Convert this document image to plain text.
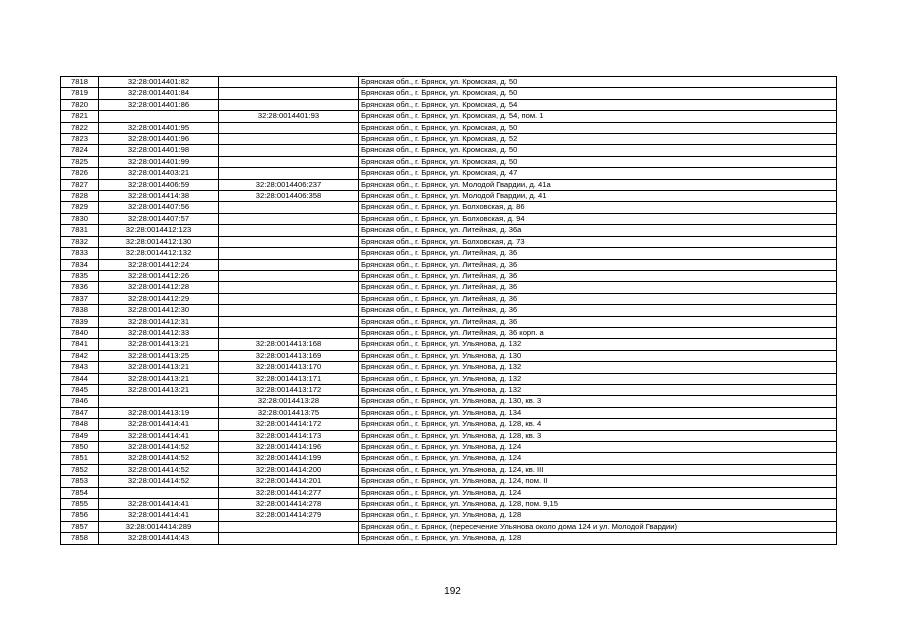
7818	32:28:0014401:82		Брянская обл., г. Брянск, ул. Кромская, д. 50
7819	32:28:0014401:84		Брянская обл., г. Брянск, ул. Кромская, д. 50
7820	32:28:0014401:86		Брянская обл., г. Брянск, ул. Кромская, д. 54
7821		32:28:0014401:93	Брянская обл., г. Брянск, ул. Кромская, д. 54, пом. 1
7822	32:28:0014401:95		Брянская обл., г. Брянск, ул. Кромская, д. 50
7823	32:28:0014401:96		Брянская обл., г. Брянск, ул. Кромская, д. 52
7824	32:28:0014401:98		Брянская обл., г. Брянск, ул. Кромская, д. 50
7825	32:28:0014401:99		Брянская обл., г. Брянск, ул. Кромская, д. 50
7826	32:28:0014403:21		Брянская обл., г. Брянск, ул. Кромская, д. 47
7827	32:28:0014406:59	32:28:0014406:237	Брянская обл., г. Брянск, ул. Молодой Гвардии, д. 41а
7828	32:28:0014414:38	32:28:0014406:358	Брянская обл., г. Брянск, ул. Молодой Гвардии, д. 41
7829	32:28:0014407:56		Брянская обл., г. Брянск, ул. Болховская, д. 86
7830	32:28:0014407:57		Брянская обл., г. Брянск, ул. Болховская, д. 94
7831	32:28:0014412:123		Брянская обл., г. Брянск, ул. Литейная, д. 36а
7832	32:28:0014412:130		Брянская обл., г. Брянск, ул. Болховская, д. 73
7833	32:28:0014412:132		Брянская обл., г. Брянск, ул. Литейная, д. 36
7834	32:28:0014412:24		Брянская обл., г. Брянск, ул. Литейная, д. 36
7835	32:28:0014412:26		Брянская обл., г. Брянск, ул. Литейная, д. 36
7836	32:28:0014412:28		Брянская обл., г. Брянск, ул. Литейная, д. 36
7837	32:28:0014412:29		Брянская обл., г. Брянск, ул. Литейная, д. 36
7838	32:28:0014412:30		Брянская обл., г. Брянск, ул. Литейная, д. 36
7839	32:28:0014412:31		Брянская обл., г. Брянск, ул. Литейная, д. 36
7840	32:28:0014412:33		Брянская обл., г. Брянск, ул. Литейная, д. 36 корп. а
7841	32:28:0014413:21	32:28:0014413:168	Брянская обл., г. Брянск, ул. Ульянова, д. 132
7842	32:28:0014413:25	32:28:0014413:169	Брянская обл., г. Брянск, ул. Ульянова, д. 130
7843	32:28:0014413:21	32:28:0014413:170	Брянская обл., г. Брянск, ул. Ульянова, д. 132
7844	32:28:0014413:21	32:28:0014413:171	Брянская обл., г. Брянск, ул. Ульянова, д. 132
7845	32:28:0014413:21	32:28:0014413:172	Брянская обл., г. Брянск, ул. Ульянова, д. 132
7846		32:28:0014413:28	Брянская обл., г. Брянск, ул. Ульянова, д. 130, кв. 3
7847	32:28:0014413:19	32:28:0014413:75	Брянская обл., г. Брянск, ул. Ульянова, д. 134
7848	32:28:0014414:41	32:28:0014414:172	Брянская обл., г. Брянск, ул. Ульянова, д. 128, кв. 4
7849	32:28:0014414:41	32:28:0014414:173	Брянская обл., г. Брянск, ул. Ульянова, д. 128, кв. 3
7850	32:28:0014414:52	32:28:0014414:196	Брянская обл., г. Брянск, ул. Ульянова, д. 124
7851	32:28:0014414:52	32:28:0014414:199	Брянская обл., г. Брянск, ул. Ульянова, д. 124
7852	32:28:0014414:52	32:28:0014414:200	Брянская обл., г. Брянск, ул. Ульянова, д. 124, кв. III
7853	32:28:0014414:52	32:28:0014414:201	Брянская обл., г. Брянск, ул. Ульянова, д. 124, пом. II
7854		32:28:0014414:277	Брянская обл., г. Брянск, ул. Ульянова, д. 124
7855	32:28:0014414:41	32:28:0014414:278	Брянская обл., г. Брянск, ул. Ульянова, д. 128, пом. 9,15
7856	32:28:0014414:41	32:28:0014414:279	Брянская обл., г. Брянск, ул. Ульянова, д. 128
7857	32:28:0014414:289		Брянская обл., г. Брянск, (пересечение Ульянова около дома 124 и ул. Молодой Гвардии)
7858	32:28:0014414:43		Брянская обл., г. Брянск, ул. Ульянова, д. 128
192
